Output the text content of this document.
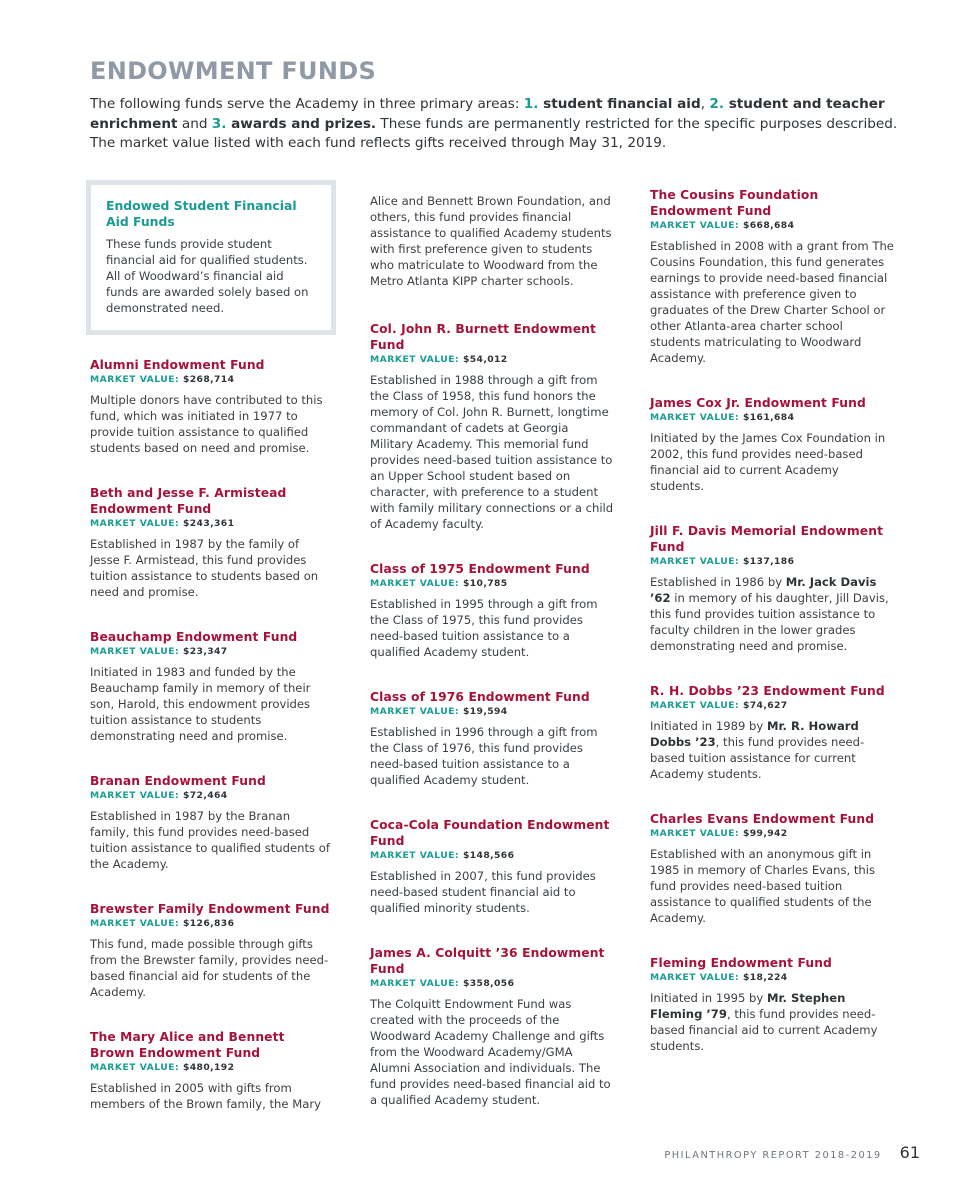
ENDOWMENT FUNDS

The following funds serve the Academy in three primary areas: 1. student financial aid, 2. student and teacher enrichment and 3. awards and prizes. These funds are permanently restricted for the specific purposes described. The market value listed with each fund reflects gifts received through May 31, 2019.

Endowed Student Financial Aid Funds
These funds provide student financial aid for qualified students. All of Woodward’s financial aid funds are awarded solely based on demonstrated need.
Alumni Endowment Fund
MARKET VALUE: $268,714
Multiple donors have contributed to this fund, which was initiated in 1977 to provide tuition assistance to qualified students based on need and promise.
Beth and Jesse F. Armistead Endowment Fund
MARKET VALUE: $243,361
Established in 1987 by the family of Jesse F. Armistead, this fund provides tuition assistance to students based on need and promise.
Beauchamp Endowment Fund
MARKET VALUE: $23,347
Initiated in 1983 and funded by the Beauchamp family in memory of their son, Harold, this endowment provides tuition assistance to students demonstrating need and promise.
Branan Endowment Fund
MARKET VALUE: $72,464
Established in 1987 by the Branan family, this fund provides need-based tuition assistance to qualified students of the Academy.
Brewster Family Endowment Fund
MARKET VALUE: $126,836
This fund, made possible through gifts from the Brewster family, provides need-based financial aid for students of the Academy.
The Mary Alice and Bennett Brown Endowment Fund
MARKET VALUE: $480,192
Established in 2005 with gifts from members of the Brown family, the Mary
Alice and Bennett Brown Foundation, and others, this fund provides financial assistance to qualified Academy students with first preference given to students who matriculate to Woodward from the Metro Atlanta KIPP charter schools.
Col. John R. Burnett Endowment Fund
MARKET VALUE: $54,012
Established in 1988 through a gift from the Class of 1958, this fund honors the memory of Col. John R. Burnett, longtime commandant of cadets at Georgia Military Academy. This memorial fund provides need-based tuition assistance to an Upper School student based on character, with preference to a student with family military connections or a child of Academy faculty.
Class of 1975 Endowment Fund
MARKET VALUE: $10,785
Established in 1995 through a gift from the Class of 1975, this fund provides need-based tuition assistance to a qualified Academy student.
Class of 1976 Endowment Fund
MARKET VALUE: $19,594
Established in 1996 through a gift from the Class of 1976, this fund provides need-based tuition assistance to a qualified Academy student.
Coca-Cola Foundation Endowment Fund
MARKET VALUE: $148,566
Established in 2007, this fund provides need-based student financial aid to qualified minority students.
James A. Colquitt ’36 Endowment Fund
MARKET VALUE: $358,056
The Colquitt Endowment Fund was created with the proceeds of the Woodward Academy Challenge and gifts from the Woodward Academy/GMA Alumni Association and individuals. The fund provides need-based financial aid to a qualified Academy student.
The Cousins Foundation Endowment Fund
MARKET VALUE: $668,684
Established in 2008 with a grant from The Cousins Foundation, this fund generates earnings to provide need-based financial assistance with preference given to graduates of the Drew Charter School or other Atlanta-area charter school students matriculating to Woodward Academy.
James Cox Jr. Endowment Fund
MARKET VALUE: $161,684
Initiated by the James Cox Foundation in 2002, this fund provides need-based financial aid to current Academy students.
Jill F. Davis Memorial Endowment Fund
MARKET VALUE: $137,186
Established in 1986 by Mr. Jack Davis ’62 in memory of his daughter, Jill Davis, this fund provides tuition assistance to faculty children in the lower grades demonstrating need and promise.
R. H. Dobbs ’23 Endowment Fund
MARKET VALUE: $74,627
Initiated in 1989 by Mr. R. Howard Dobbs ’23, this fund provides need-based tuition assistance for current Academy students.
Charles Evans Endowment Fund
MARKET VALUE: $99,942
Established with an anonymous gift in 1985 in memory of Charles Evans, this fund provides need-based tuition assistance to qualified students of the Academy.
Fleming Endowment Fund
MARKET VALUE: $18,224
Initiated in 1995 by Mr. Stephen Fleming ’79, this fund provides need-based financial aid to current Academy students.
PHILANTHROPY REPORT 2018-2019 61
